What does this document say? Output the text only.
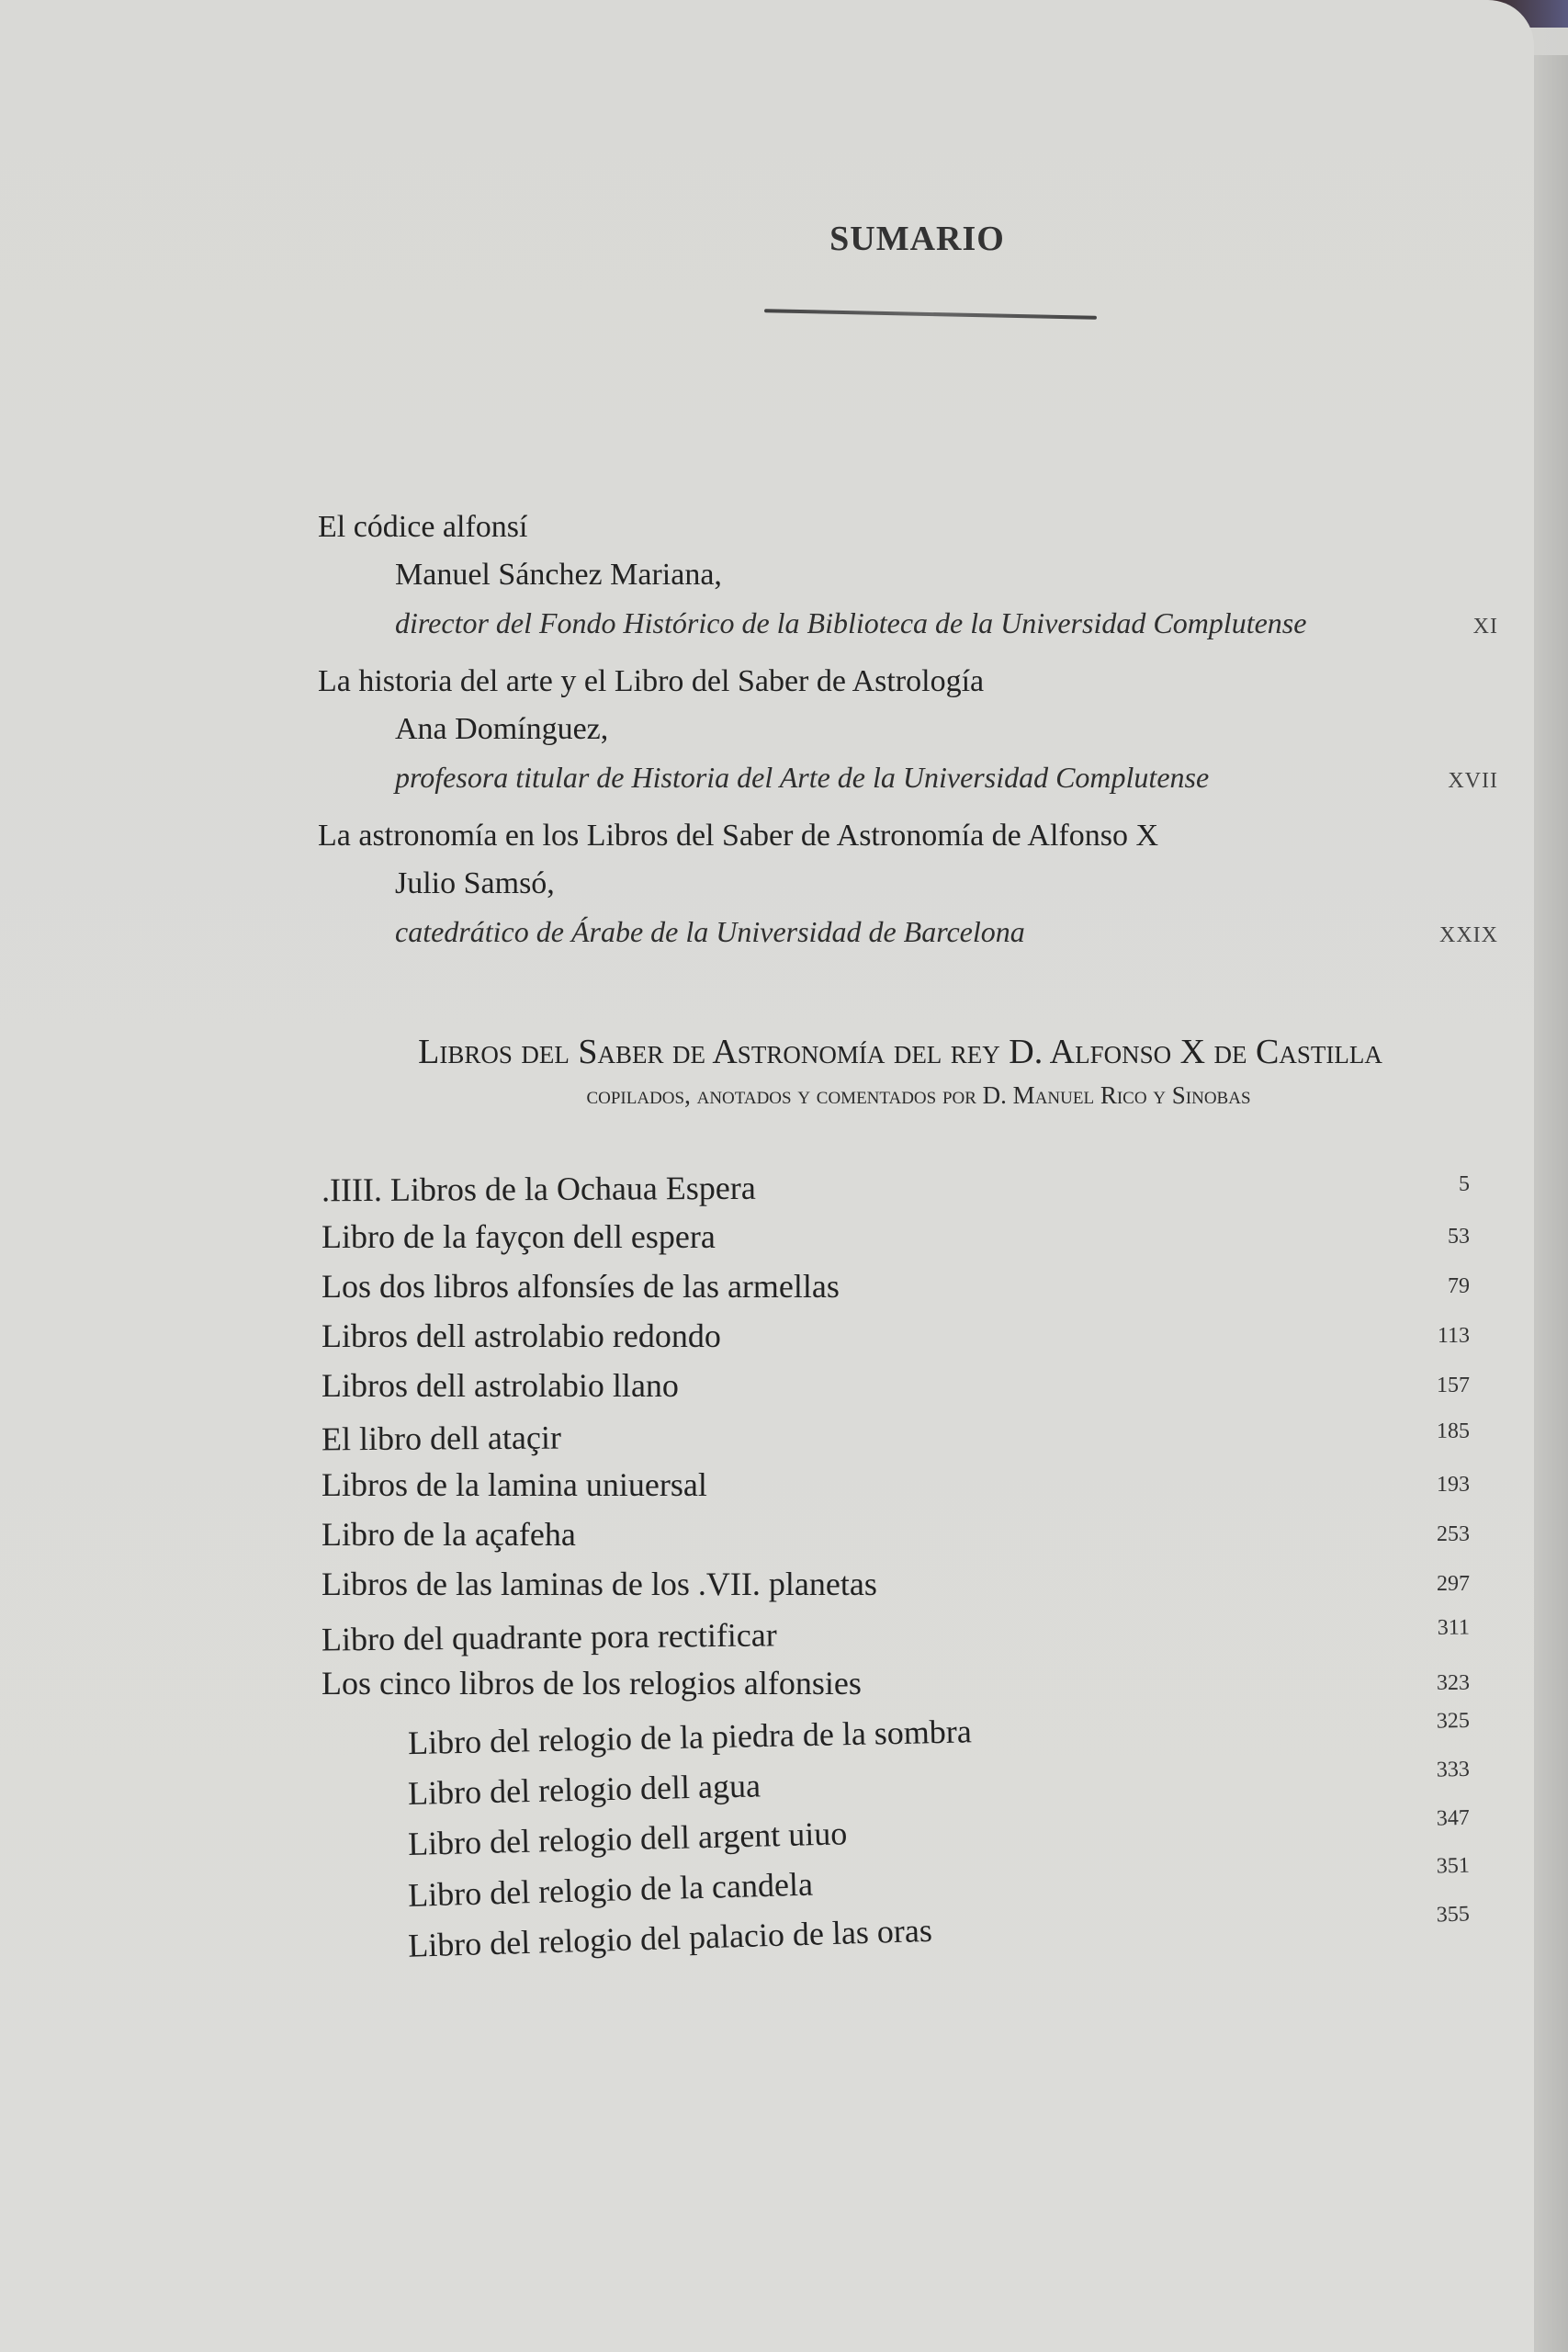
SUMARIO
El códice alfonsí
Manuel Sánchez Mariana,
director del Fondo Histórico de la Biblioteca de la Universidad Complutense	XI
La historia del arte y el Libro del Saber de Astrología
Ana Domínguez,
profesora titular de Historia del Arte de la Universidad Complutense	XVII
La astronomía en los Libros del Saber de Astronomía de Alfonso X
Julio Samsó,
catedrático de Árabe de la Universidad de Barcelona	XXIX
Libros del Saber de Astronomía del rey D. Alfonso X de Castilla
copilados, anotados y comentados por D. Manuel Rico y Sinobas
.IIII. Libros de la Ochaua Espera	5
Libro de la fayçon dell espera	53
Los dos libros alfonsíes de las armellas	79
Libros dell astrolabio redondo	113
Libros dell astrolabio llano	157
El libro dell ataçir	185
Libros de la lamina uniuersal	193
Libro de la açafeha	253
Libros de las laminas de los .VII. planetas	297
Libro del quadrante pora rectificar	311
Los cinco libros de los relogios alfonsies	323
Libro del relogio de la piedra de la sombra	325
Libro del relogio dell agua	333
Libro del relogio dell argent uiuo	347
Libro del relogio de la candela	351
Libro del relogio del palacio de las oras	355
